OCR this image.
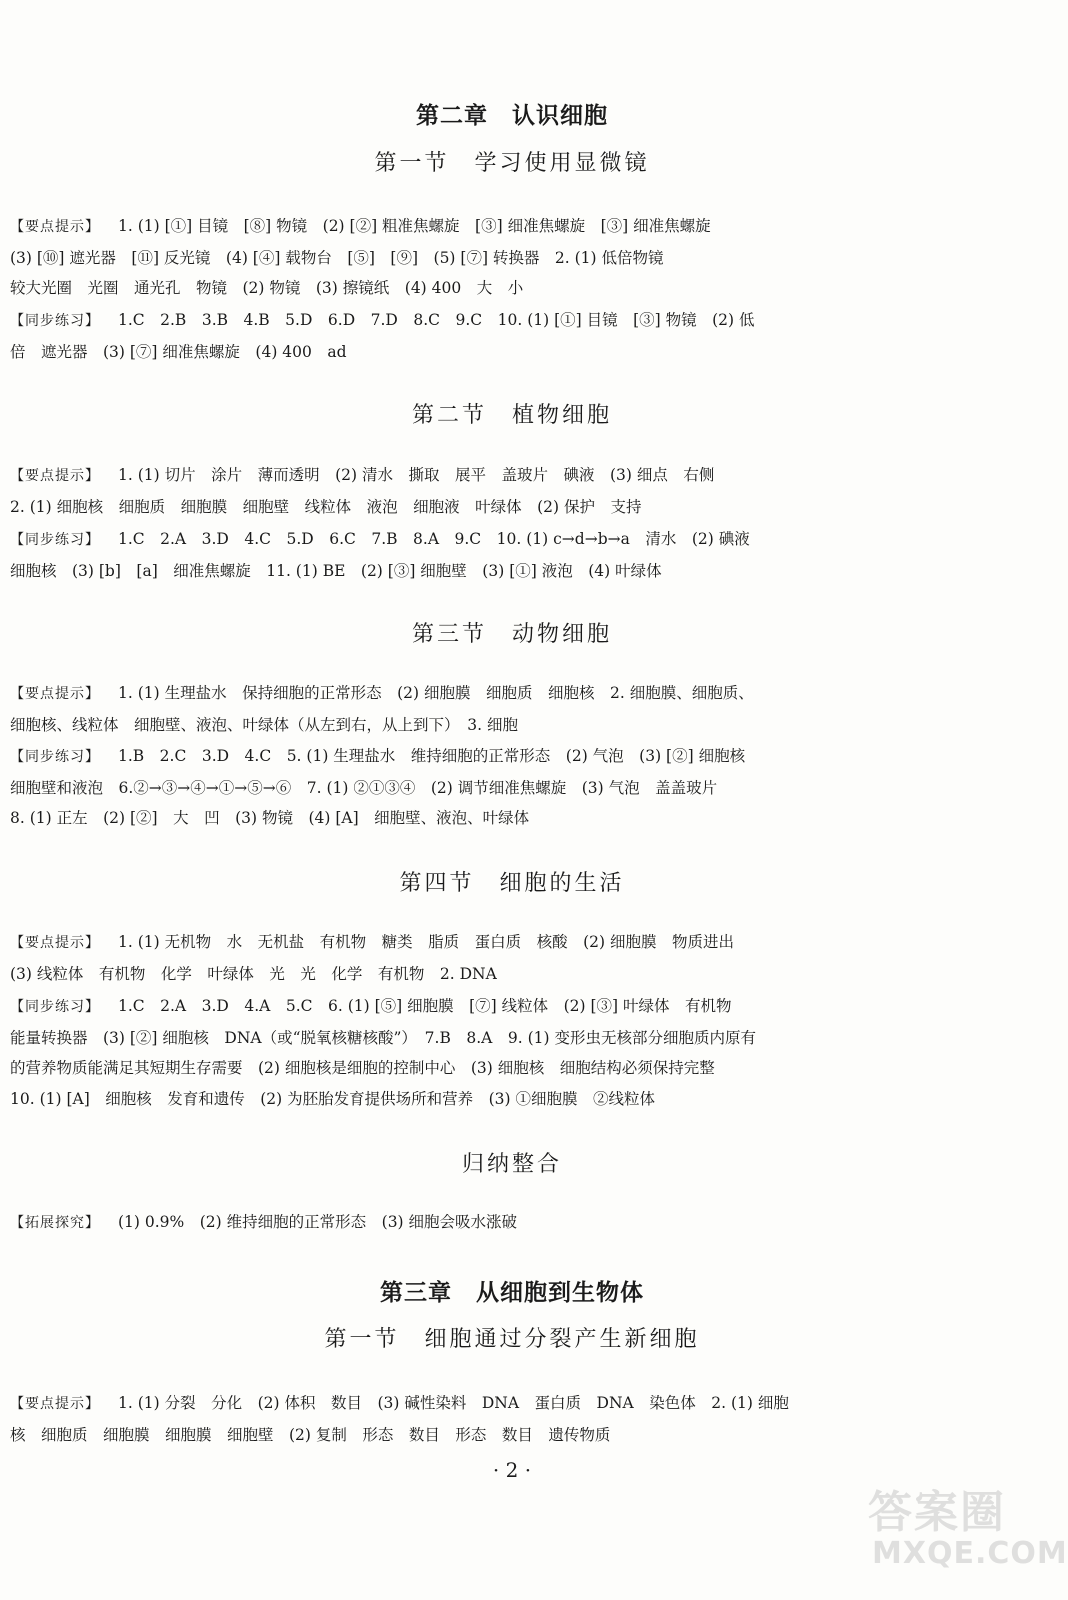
第二章　认识细胞
第一节　学习使用显微镜
【要点提示】 1. (1) [①] 目镜　[⑧] 物镜　(2) [②] 粗准焦螺旋　[③] 细准焦螺旋　[③] 细准焦螺旋
(3) [⑩] 遮光器　[⑪] 反光镜　(4) [④] 载物台　[⑤]　[⑨]　(5) [⑦] 转换器　2. (1) 低倍物镜
较大光圈　光圈　通光孔　物镜　(2) 物镜　(3) 擦镜纸　(4) 400　大　小
【同步练习】 1.C　2.B　3.B　4.B　5.D　6.D　7.D　8.C　9.C　10. (1) [①] 目镜　[③] 物镜　(2) 低
倍　遮光器　(3) [⑦] 细准焦螺旋　(4) 400　ad
第二节　植物细胞
【要点提示】 1. (1) 切片　涂片　薄而透明　(2) 清水　撕取　展平　盖玻片　碘液　(3) 细点　右侧
2. (1) 细胞核　细胞质　细胞膜　细胞壁　线粒体　液泡　细胞液　叶绿体　(2) 保护　支持
【同步练习】 1.C　2.A　3.D　4.C　5.D　6.C　7.B　8.A　9.C　10. (1) c→d→b→a　清水　(2) 碘液
细胞核　(3) [b]　[a]　细准焦螺旋　11. (1) BE　(2) [③] 细胞壁　(3) [①] 液泡　(4) 叶绿体
第三节　动物细胞
【要点提示】 1. (1) 生理盐水　保持细胞的正常形态　(2) 细胞膜　细胞质　细胞核　2. 细胞膜、细胞质、
细胞核、线粒体　细胞壁、液泡、叶绿体（从左到右，从上到下）　3. 细胞
【同步练习】 1.B　2.C　3.D　4.C　5. (1) 生理盐水　维持细胞的正常形态　(2) 气泡　(3) [②] 细胞核
细胞壁和液泡　6.②→③→④→①→⑤→⑥　7. (1) ②①③④　(2) 调节细准焦螺旋　(3) 气泡　盖盖玻片
8. (1) 正左　(2) [②]　大　凹　(3) 物镜　(4) [A]　细胞壁、液泡、叶绿体
第四节　细胞的生活
【要点提示】 1. (1) 无机物　水　无机盐　有机物　糖类　脂质　蛋白质　核酸　(2) 细胞膜　物质进出
(3) 线粒体　有机物　化学　叶绿体　光　光　化学　有机物　2. DNA
【同步练习】 1.C　2.A　3.D　4.A　5.C　6. (1) [⑤] 细胞膜　[⑦] 线粒体　(2) [③] 叶绿体　有机物
能量转换器　(3) [②] 细胞核　DNA（或“脱氧核糖核酸”）　7.B　8.A　9. (1) 变形虫无核部分细胞质内原有
的营养物质能满足其短期生存需要　(2) 细胞核是细胞的控制中心　(3) 细胞核　细胞结构必须保持完整
10. (1) [A]　细胞核　发育和遗传　(2) 为胚胎发育提供场所和营养　(3) ①细胞膜　②线粒体
归纳整合
【拓展探究】 (1) 0.9%　(2) 维持细胞的正常形态　(3) 细胞会吸水涨破
第三章　从细胞到生物体
第一节　细胞通过分裂产生新细胞
【要点提示】 1. (1) 分裂　分化　(2) 体积　数目　(3) 碱性染料　DNA　蛋白质　DNA　染色体　2. (1) 细胞
核　细胞质　细胞膜　细胞膜　细胞壁　(2) 复制　形态　数目　形态　数目　遗传物质
· 2 ·
答案圈
MXQE.COM
